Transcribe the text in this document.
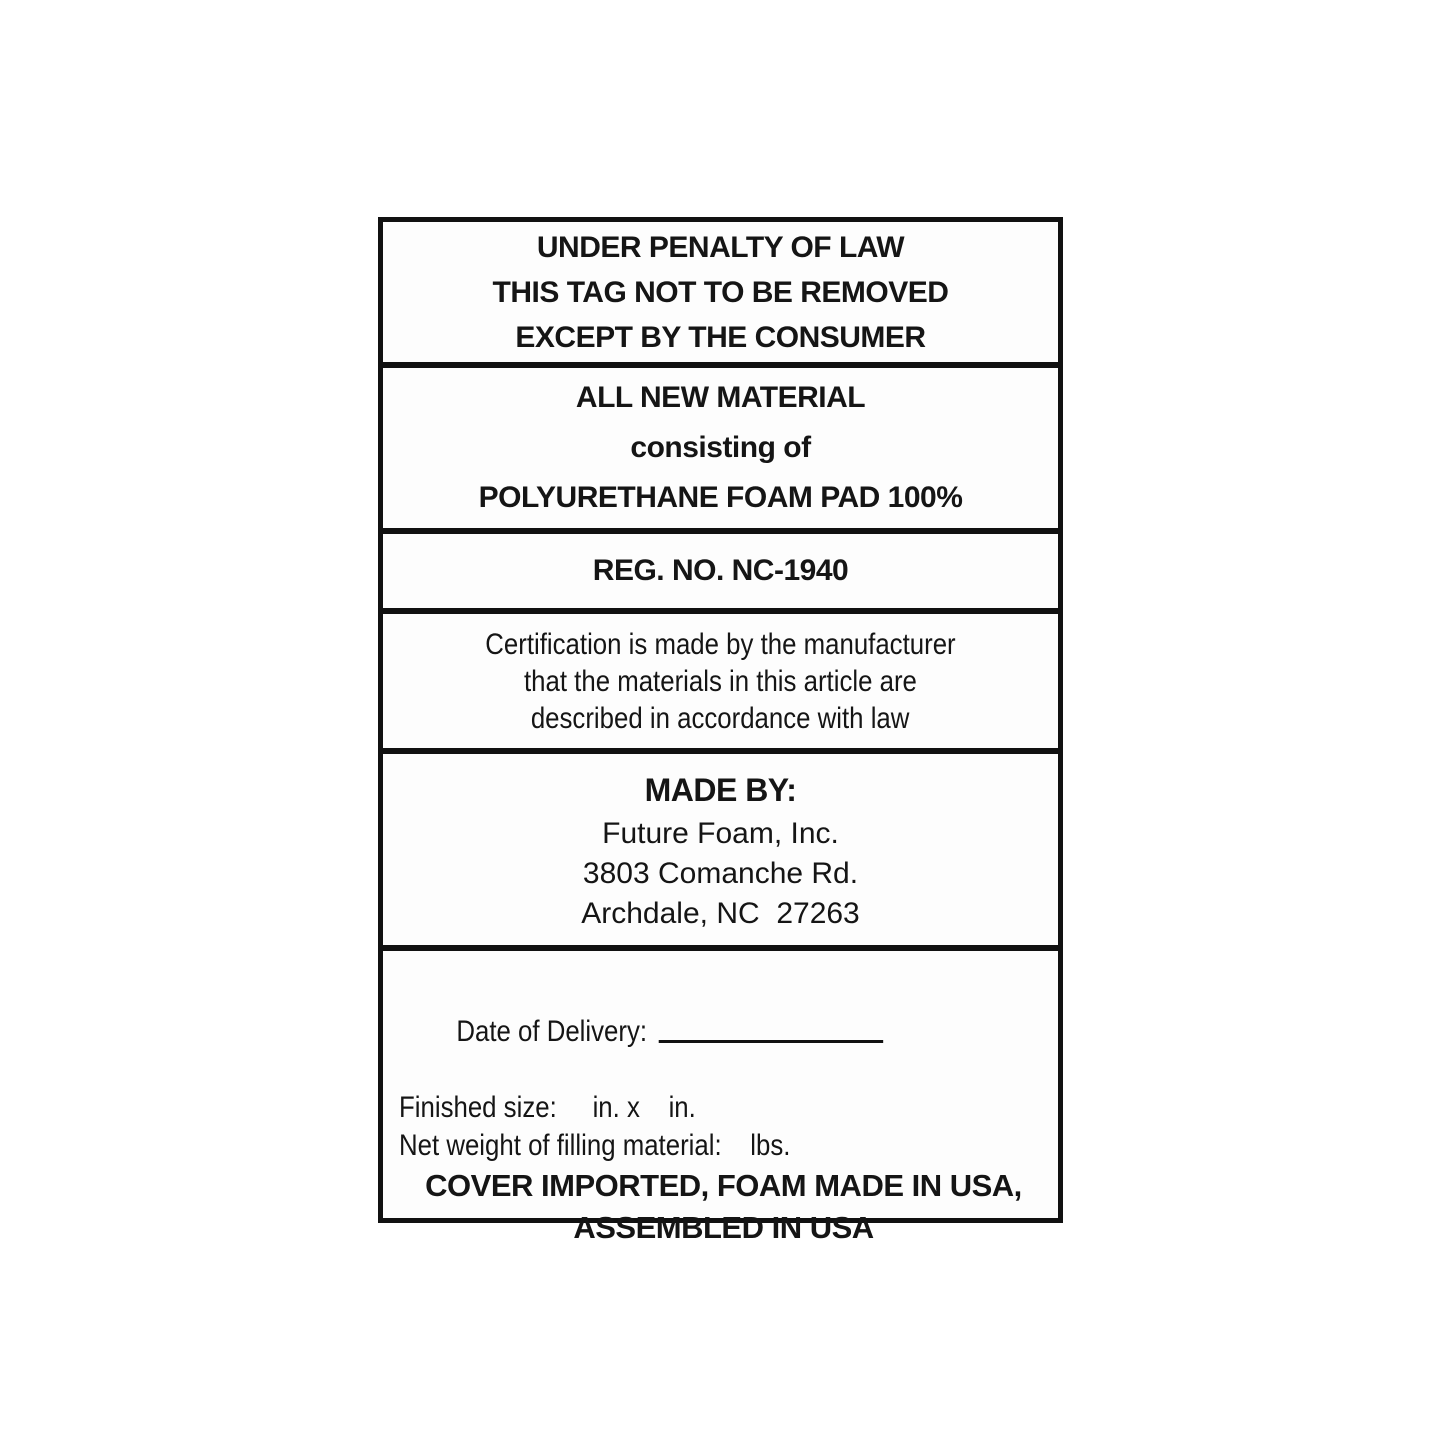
UNDER PENALTY OF LAW
THIS TAG NOT TO BE REMOVED
EXCEPT BY THE CONSUMER
ALL NEW MATERIAL
consisting of
POLYURETHANE FOAM PAD 100%
REG. NO. NC-1940
Certification is made by the manufacturer
that the materials in this article are
described in accordance with law
MADE BY:
Future Foam, Inc.
3803 Comanche Rd.
Archdale, NC  27263

Date of Delivery:

Finished size:     in. x    in.
Net weight of filling material:    lbs.
COVER IMPORTED, FOAM MADE IN USA,
ASSEMBLED IN USA
